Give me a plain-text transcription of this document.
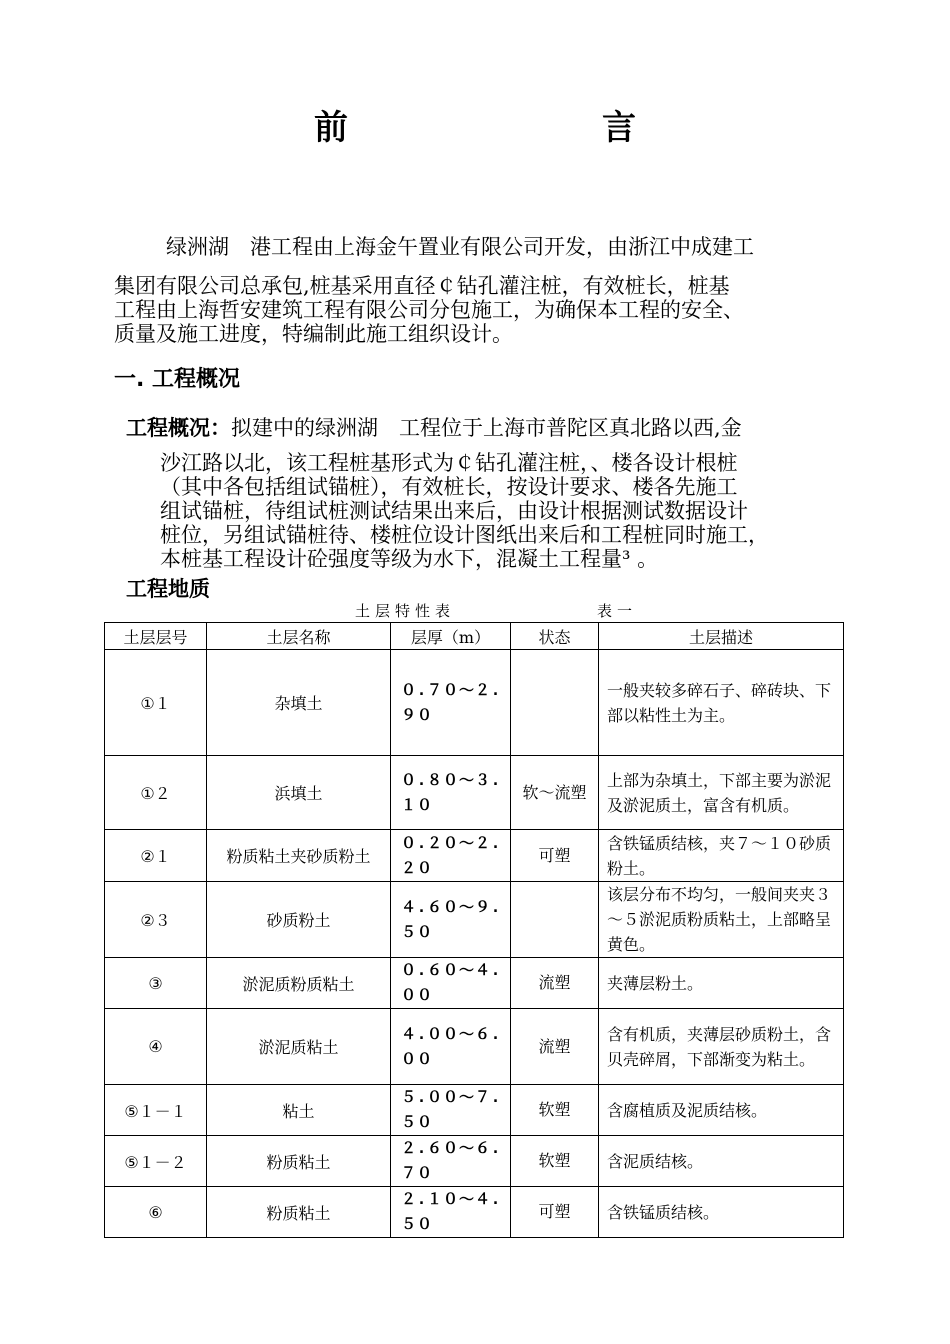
前　　言
绿洲湖　港工程由上海金午置业有限公司开发，由浙江中成建工
集团有限公司总承包,桩基采用直径￠钻孔灌注桩，有效桩长，桩基
工程由上海哲安建筑工程有限公司分包施工，为确保本工程的安全、
质量及施工进度，特编制此施工组织设计。
一. 工程概况
工程概况：拟建中的绿洲湖　工程位于上海市普陀区真北路以西,金
沙江路以北，该工程桩基形式为￠钻孔灌注桩，、楼各设计根桩
（其中各包括组试锚桩），有效桩长，按设计要求、楼各先施工
组试锚桩，待组试桩测试结果出来后，由设计根据测试数据设计
桩位，另组试锚桩待、楼桩位设计图纸出来后和工程桩同时施工，
本桩基工程设计砼强度等级为水下，混凝土工程量³ 。
工程地质
土层特性表	表一
土层层号	土层名称	层厚（m）	状态	土层描述
①１	杂填土	０.７０～２.９０		一般夹较多碎石子、碎砖块、下部以粘性土为主。
①２	浜填土	０.８０～３.１０	软～流塑	上部为杂填土，下部主要为淤泥及淤泥质土，富含有机质。
②１	粉质粘土夹砂质粉土	０.２０～２.２０	可塑	含铁锰质结核，夹７～１０砂质粉土。
②３	砂质粉土	４.６０～９.５０		该层分布不均匀，一般间夹夹３～５淤泥质粉质粘土，上部略呈黄色。
③	淤泥质粉质粘土	０.６０～４.００	流塑	夹薄层粉土。
④	淤泥质粘土	４.００～６.００	流塑	含有机质，夹薄层砂质粉土，含贝壳碎屑，下部渐变为粘土。
⑤１－１	粘土	５.００～７.５０	软塑	含腐植质及泥质结核。
⑤１－２	粉质粘土	２.６０～６.７０	软塑	含泥质结核。
⑥	粉质粘土	２.１０～４.５０	可塑	含铁锰质结核。
